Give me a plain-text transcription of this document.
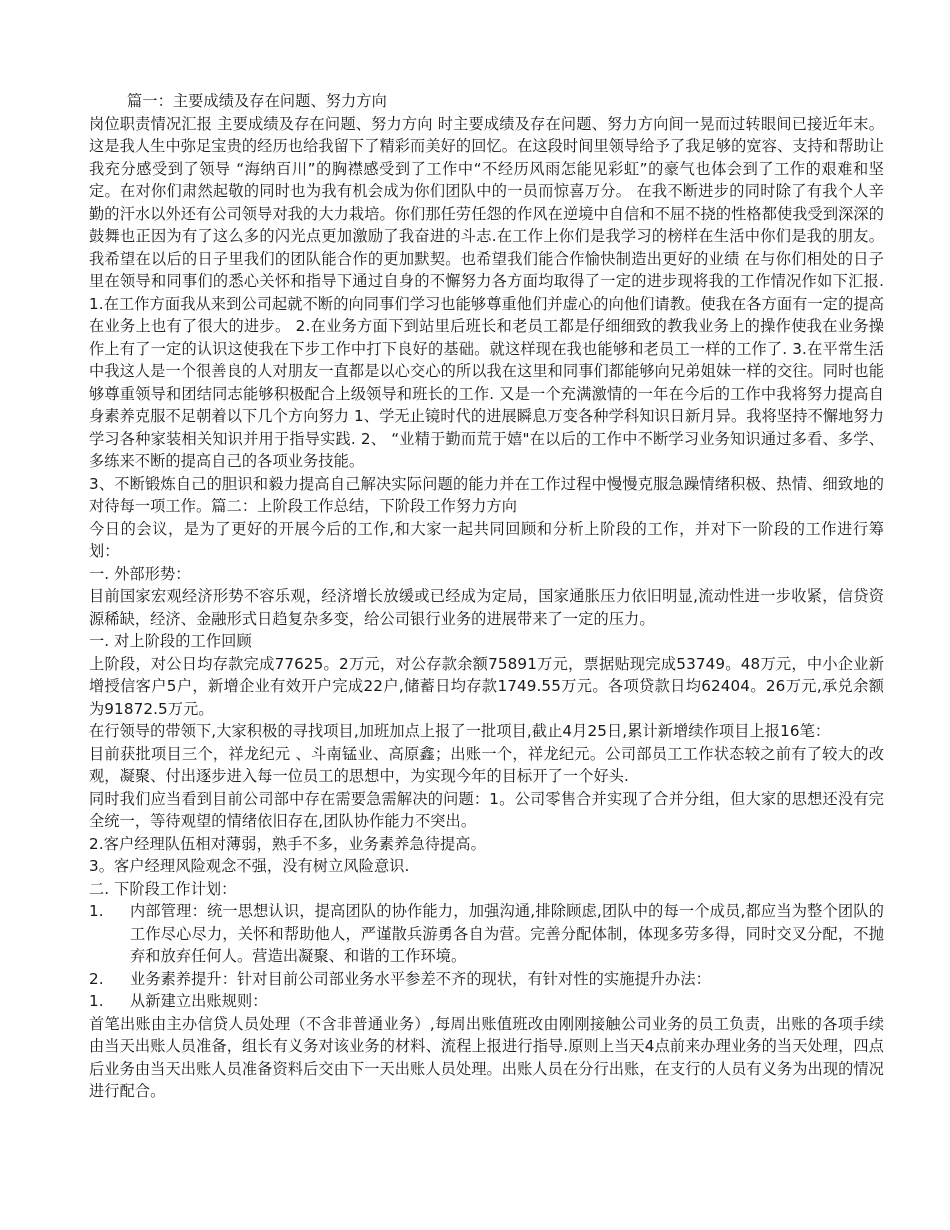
篇一：主要成绩及存在问题、努力方向

岗位职责情况汇报 主要成绩及存在问题、努力方向 时主要成绩及存在问题、努力方向间一晃而过转眼间已接近年末。这是我人生中弥足宝贵的经历也给我留下了精彩而美好的回忆。在这段时间里领导给予了我足够的宽容、支持和帮助让我充分感受到了领导 “海纳百川”的胸襟感受到了工作中“不经历风雨怎能见彩虹”的豪气也体会到了工作的艰难和坚定。在对你们肃然起敬的同时也为我有机会成为你们团队中的一员而惊喜万分。 在我不断进步的同时除了有我个人辛勤的汗水以外还有公司领导对我的大力栽培。你们那任劳任怨的作风在逆境中自信和不屈不挠的性格都使我受到深深的鼓舞也正因为有了这么多的闪光点更加激励了我奋进的斗志.在工作上你们是我学习的榜样在生活中你们是我的朋友。我希望在以后的日子里我们的团队能合作的更加默契。也希望我们能合作愉快制造出更好的业绩 在与你们相处的日子里在领导和同事们的悉心关怀和指导下通过自身的不懈努力各方面均取得了一定的进步现将我的工作情况作如下汇报. 1.在工作方面我从来到公司起就不断的向同事们学习也能够尊重他们并虚心的向他们请教。使我在各方面有一定的提高在业务上也有了很大的进步。 2.在业务方面下到站里后班长和老员工都是仔细细致的教我业务上的操作使我在业务操作上有了一定的认识这使我在下步工作中打下良好的基础。就这样现在我也能够和老员工一样的工作了. 3.在平常生活中我这人是一个很善良的人对朋友一直都是以心交心的所以我在这里和同事们都能够向兄弟姐妹一样的交往。同时也能够尊重领导和团结同志能够积极配合上级领导和班长的工作. 又是一个充满激情的一年在今后的工作中我将努力提高自身素养克服不足朝着以下几个方向努力 1、学无止镜时代的进展瞬息万变各种学科知识日新月异。我将坚持不懈地努力学习各种家装相关知识并用于指导实践. 2、 “业精于勤而荒于嬉"在以后的工作中不断学习业务知识通过多看、多学、多练来不断的提高自己的各项业务技能。

3、不断锻炼自己的胆识和毅力提高自己解决实际问题的能力并在工作过程中慢慢克服急躁情绪积极、热情、细致地的对待每一项工作。篇二：上阶段工作总结，下阶段工作努力方向

今日的会议，是为了更好的开展今后的工作,和大家一起共同回顾和分析上阶段的工作，并对下一阶段的工作进行筹划：

一. 外部形势：

目前国家宏观经济形势不容乐观，经济增长放缓或已经成为定局，国家通胀压力依旧明显,流动性进一步收紧，信贷资源稀缺，经济、金融形式日趋复杂多变，给公司银行业务的进展带来了一定的压力。

一. 对上阶段的工作回顾

上阶段，对公日均存款完成77625。2万元，对公存款余额75891万元，票据贴现完成53749。48万元，中小企业新增授信客户5户，新增企业有效开户完成22户,储蓄日均存款1749.55万元。各项贷款日均62404。26万元,承兑余额为91872.5万元。

在行领导的带领下,大家积极的寻找项目,加班加点上报了一批项目,截止4月25日,累计新增续作项目上报16笔：

目前获批项目三个，祥龙纪元 、斗南锰业、高原鑫；出账一个，祥龙纪元。公司部员工工作状态较之前有了较大的改观，凝聚、付出逐步进入每一位员工的思想中，为实现今年的目标开了一个好头.

同时我们应当看到目前公司部中存在需要急需解决的问题：1。公司零售合并实现了合并分组，但大家的思想还没有完全统一，等待观望的情绪依旧存在,团队协作能力不突出。

2.客户经理队伍相对薄弱，熟手不多，业务素养急待提高。

3。客户经理风险观念不强，没有树立风险意识.

二. 下阶段工作计划：

1.	内部管理：统一思想认识，提高团队的协作能力，加强沟通,排除顾虑,团队中的每一个成员,都应当为整个团队的工作尽心尽力，关怀和帮助他人，严谨散兵游勇各自为营。完善分配体制，体现多劳多得，同时交叉分配，不抛弃和放弃任何人。营造出凝聚、和谐的工作环境。
2.	业务素养提升：针对目前公司部业务水平参差不齐的现状，有针对性的实施提升办法：
1.	从新建立出账规则：

首笔出账由主办信贷人员处理（不含非普通业务）,每周出账值班改由刚刚接触公司业务的员工负责，出账的各项手续由当天出账人员准备，组长有义务对该业务的材料、流程上报进行指导.原则上当天4点前来办理业务的当天处理，四点后业务由当天出账人员准备资料后交由下一天出账人员处理。出账人员在分行出账，在支行的人员有义务为出现的情况进行配合。
